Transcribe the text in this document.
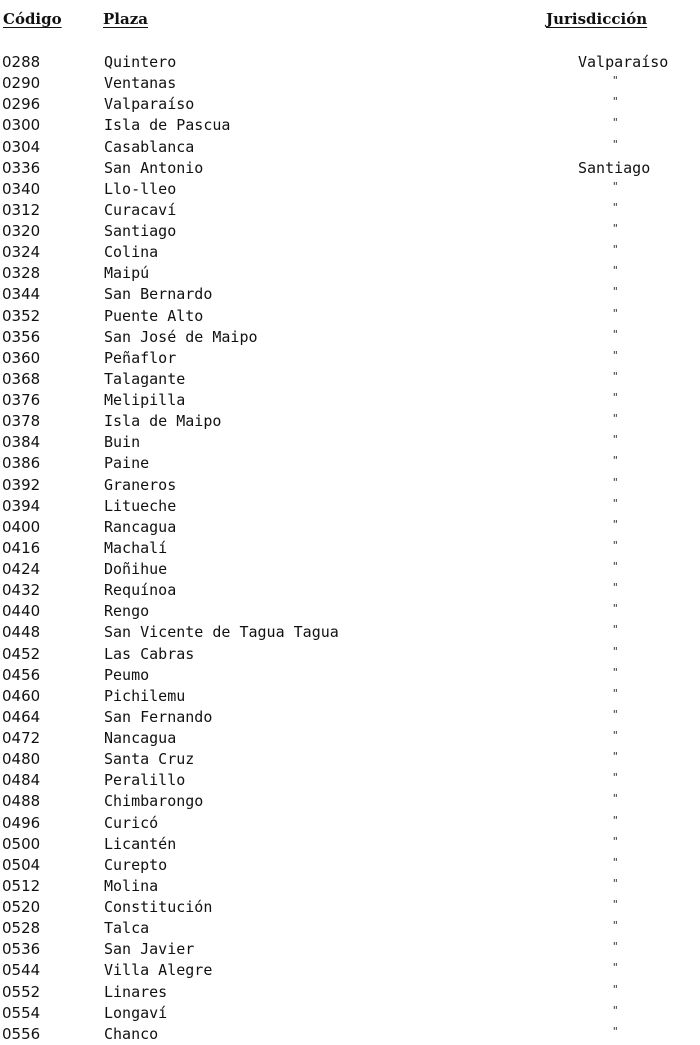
Código	Plaza	Jurisdicción
0288	Quintero	Valparaíso
0290	Ventanas	"
0296	Valparaíso	"
0300	Isla de Pascua	"
0304	Casablanca	"
0336	San Antonio	Santiago
0340	Llo-lleo	"
0312	Curacaví	"
0320	Santiago	"
0324	Colina	"
0328	Maipú	"
0344	San Bernardo	"
0352	Puente Alto	"
0356	San José de Maipo	"
0360	Peñaflor	"
0368	Talagante	"
0376	Melipilla	"
0378	Isla de Maipo	"
0384	Buin	"
0386	Paine	"
0392	Graneros	"
0394	Litueche	"
0400	Rancagua	"
0416	Machalí	"
0424	Doñihue	"
0432	Requínoa	"
0440	Rengo	"
0448	San Vicente de Tagua Tagua	"
0452	Las Cabras	"
0456	Peumo	"
0460	Pichilemu	"
0464	San Fernando	"
0472	Nancagua	"
0480	Santa Cruz	"
0484	Peralillo	"
0488	Chimbarongo	"
0496	Curicó	"
0500	Licantén	"
0504	Curepto	"
0512	Molina	"
0520	Constitución	"
0528	Talca	"
0536	San Javier	"
0544	Villa Alegre	"
0552	Linares	"
0554	Longaví	"
0556	Chanco	"
